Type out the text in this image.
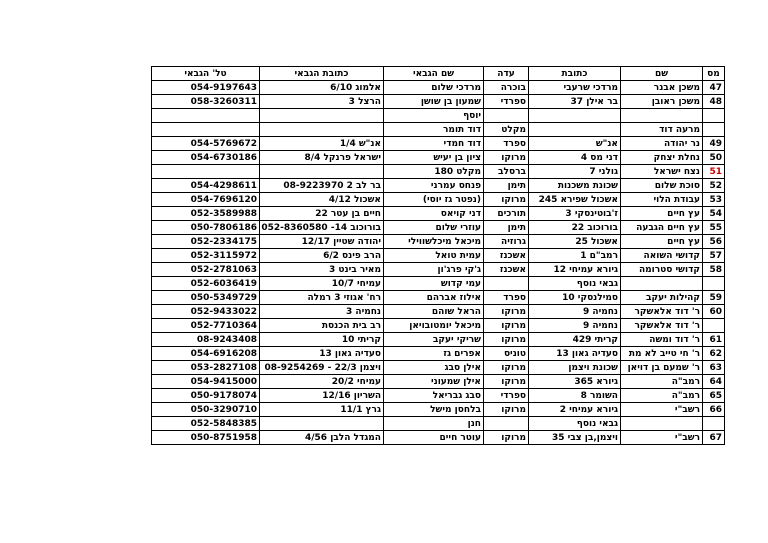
מס	שם	כתובת	עדה	שם הגבאי	כתובת הגבאי	טל' הגבאי
47	משכן אבנר	מרדכי שרעבי	בוכרה	מרדכי שלום	אלמוג 6/10	054-9197643
48	משכן ראובן	בר אילן 37	ספרדי	שמעון בן שושן	הרצל 3	058-3260311
				יוסף		
	מרעה דוד		מקלט	דוד תומר		
49	נר יהודה	אנ"ש	ספרד	דוד חמדי	אנ"ש 1/4	054-5769672
50	נחלת יצחק	דני מס 4	מרוקו	ציון בן יעיש	ישראל פרנקל 8/4	054-6730186
51	נצח ישראל	גולני 7	ברסלב	מקלט 180		
52	סוכת שלום	שכונת משכנות	תימן	פנחס עמרני	בר לב 2 08-9223970	054-4298611
53	עבודת הלוי	אשכול שפירא 245	מרוקו	(נפטר גז יוסי)	אשכול 4/12	054-7696120
54	עץ חיים	ז'בוטינסקי 3	תורכים	דני קויאס	חיים בן עטר 22	052-3589988
55	עץ חיים הגבעה	בורוכוב 22	תימן	עוזרי שלום	בורוכוב 14- 052-8360580	050-7806186
56	עץ חיים	אשכול 25	גרוזיה	מיכאל מיכלשווילי	יהודה שטיין 12/17	052-2334175
57	קדושי השואה	רמב"ם 1	אשכנז	עמית טואל	הרב פינס 6/2	052-3115972
58	קדושי סטרומה	גיורא עמיחי 12	אשכנז	ג'קי פרג'ון	מאיר בינט 3	052-2781063
		גבאי נוסף		עמי קדוש	עמיחי 10/7	052-6036419
59	קהילות יעקב	סמילנסקי 10	ספרד	אילוז אברהם	רח' אגוזי 3 רמלה	050-5349729
60	ר' דוד אלאשקר	נחמיה 9	מרוקו	הראל שוהם	נחמיה 3	052-9433022
	ר' דוד אלאשקר	נחמיה 9	מרוקו	מיכאל יומטובויאן	רב בית הכנסת	052-7710364
61	ר' דוד ומשה	קריתי 429	מרוקו	שריקי יעקב	קריתי 10	08-9243408
62	ר' חי טייב לא מת	סעדיה גאון 13	טוניס	אפרים גז	סעדיה גאון 13	054-6916208
63	ר' שמעם בן דויאן	שכונת ויצמן	מרוקו	אילן סבג	ויצמן 22/3 - 08-9254269	053-2827108
64	רמב"ה	גיורא 365	מרוקו	אילן שמעוני	עמיחי 20/2	054-9415000
65	רמב"ה	השומר 8	ספרדי	סבג גבריאל	השריון 12/16	050-9178074
66	רשב"י	גיורא עמיחי 2	מרוקו	בלחסן מישל	גרץ 11/1	050-3290710
		גבאי נוסף		חנן		052-5848385
67	רשב"י	ויצמן,בן צבי 35	מרוקו	עוטר חיים	המגדל הלבן 4/56	050-8751958
